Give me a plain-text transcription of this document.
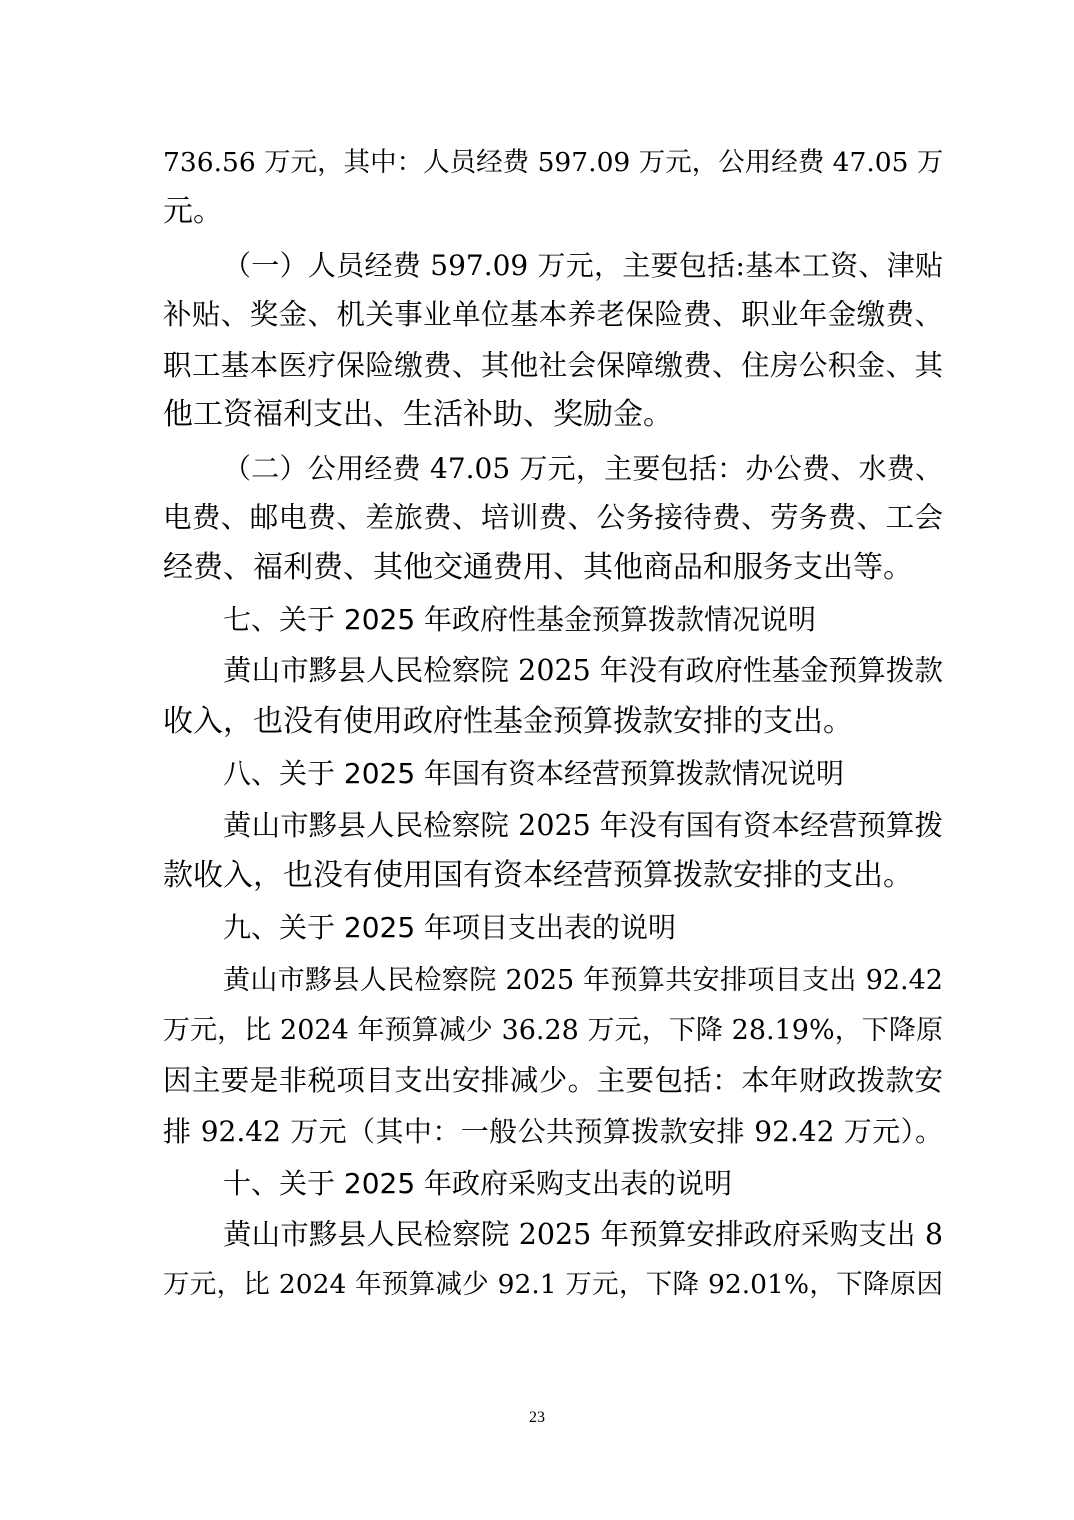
736.56 万元，其中：人员经费 597.09 万元，公用经费 47.05 万
元。
（一）人员经费 597.09 万元，主要包括:基本工资、津贴
补贴、奖金、机关事业单位基本养老保险费、职业年金缴费、
职工基本医疗保险缴费、其他社会保障缴费、住房公积金、其
他工资福利支出、生活补助、奖励金。
（二）公用经费 47.05 万元，主要包括：办公费、水费、
电费、邮电费、差旅费、培训费、公务接待费、劳务费、工会
经费、福利费、其他交通费用、其他商品和服务支出等。
七、关于 2025 年政府性基金预算拨款情况说明
黄山市黟县人民检察院 2025 年没有政府性基金预算拨款
收入，也没有使用政府性基金预算拨款安排的支出。
八、关于 2025 年国有资本经营预算拨款情况说明
黄山市黟县人民检察院 2025 年没有国有资本经营预算拨
款收入，也没有使用国有资本经营预算拨款安排的支出。
九、关于 2025 年项目支出表的说明
黄山市黟县人民检察院 2025 年预算共安排项目支出 92.42
万元，比 2024 年预算减少 36.28 万元，下降 28.19%，下降原
因主要是非税项目支出安排减少。主要包括：本年财政拨款安
排 92.42 万元（其中：一般公共预算拨款安排 92.42 万元）。
十、关于 2025 年政府采购支出表的说明
黄山市黟县人民检察院 2025 年预算安排政府采购支出 8
万元，比 2024 年预算减少 92.1 万元，下降 92.01%，下降原因
23
